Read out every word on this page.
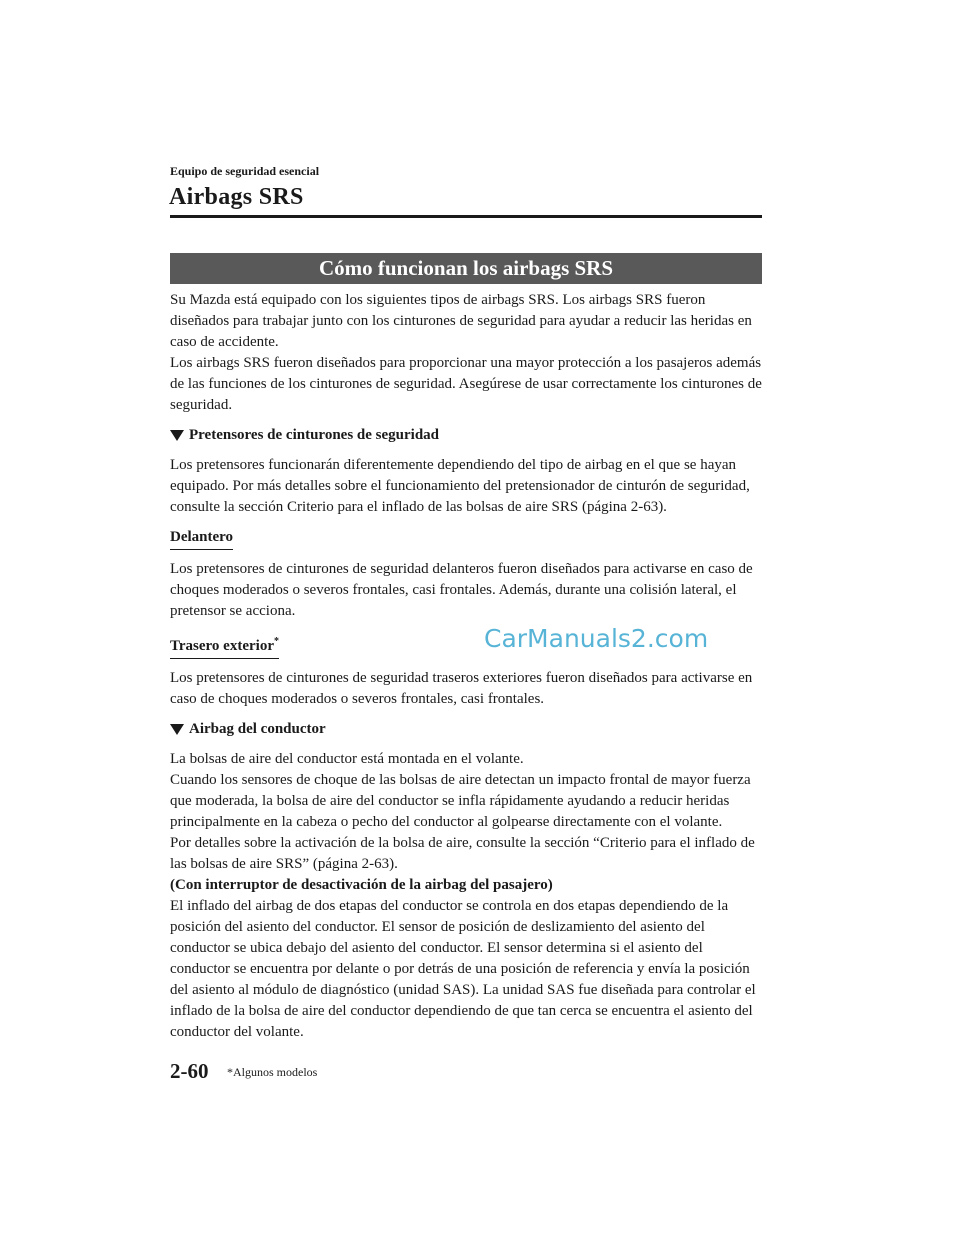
Equipo de seguridad esencial
Airbags SRS
Cómo funcionan los airbags SRS

Su Mazda está equipado con los siguientes tipos de airbags SRS. Los airbags SRS fueron diseñados para trabajar junto con los cinturones de seguridad para ayudar a reducir las heridas en caso de accidente.

Los airbags SRS fueron diseñados para proporcionar una mayor protección a los pasajeros además de las funciones de los cinturones de seguridad. Asegúrese de usar correctamente los cinturones de seguridad.

Pretensores de cinturones de seguridad

Los pretensores funcionarán diferentemente dependiendo del tipo de airbag en el que se hayan equipado. Por más detalles sobre el funcionamiento del pretensionador de cinturón de seguridad, consulte la sección Criterio para el inflado de las bolsas de aire SRS (página 2-63).

Delantero

Los pretensores de cinturones de seguridad delanteros fueron diseñados para activarse en caso de choques moderados o severos frontales, casi frontales. Además, durante una colisión lateral, el pretensor se acciona.

Trasero exterior*

Los pretensores de cinturones de seguridad traseros exteriores fueron diseñados para activarse en caso de choques moderados o severos frontales, casi frontales.

Airbag del conductor

La bolsas de aire del conductor está montada en el volante.

Cuando los sensores de choque de las bolsas de aire detectan un impacto frontal de mayor fuerza que moderada, la bolsa de aire del conductor se infla rápidamente ayudando a reducir heridas principalmente en la cabeza o pecho del conductor al golpearse directamente con el volante.

Por detalles sobre la activación de la bolsa de aire, consulte la sección “Criterio para el inflado de las bolsas de aire SRS” (página 2-63).

(Con interruptor de desactivación de la airbag del pasajero)

El inflado del airbag de dos etapas del conductor se controla en dos etapas dependiendo de la posición del asiento del conductor. El sensor de posición de deslizamiento del asiento del conductor se ubica debajo del asiento del conductor. El sensor determina si el asiento del conductor se encuentra por delante o por detrás de una posición de referencia y envía la posición del asiento al módulo de diagnóstico (unidad SAS). La unidad SAS fue diseñada para controlar el inflado de la bolsa de aire del conductor dependiendo de que tan cerca se encuentra el asiento del conductor del volante.

CarManuals2.com
2-60 *Algunos modelos
